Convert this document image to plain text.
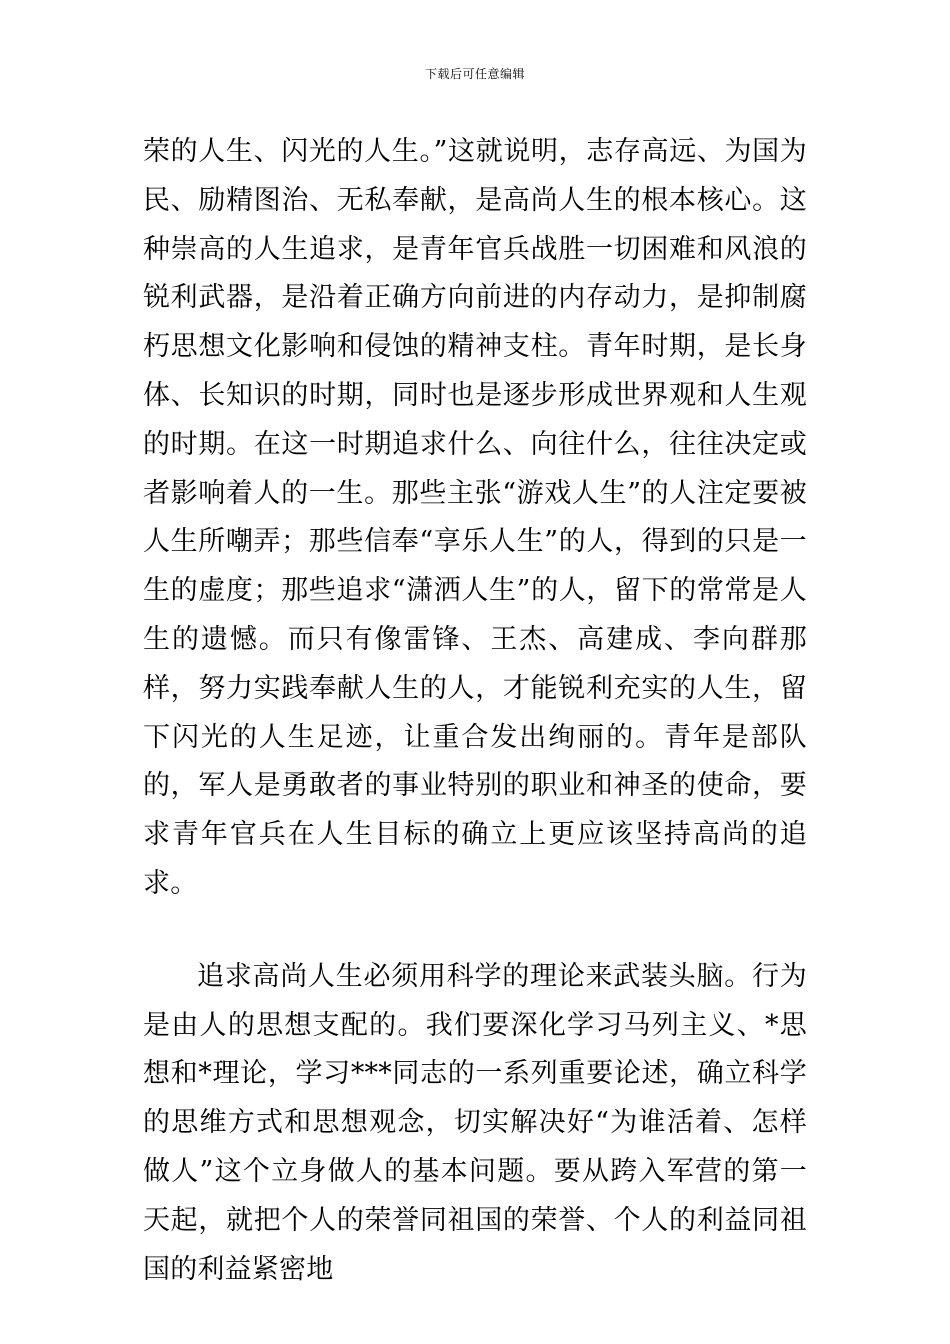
下载后可任意编辑

荣的人生、闪光的人生。”这就说明，志存高远、为国为民、励精图治、无私奉献，是高尚人生的根本核心。这种崇高的人生追求，是青年官兵战胜一切困难和风浪的锐利武器，是沿着正确方向前进的内存动力，是抑制腐朽思想文化影响和侵蚀的精神支柱。青年时期，是长身体、长知识的时期，同时也是逐步形成世界观和人生观的时期。在这一时期追求什么、向往什么，往往决定或者影响着人的一生。那些主张“游戏人生”的人注定要被人生所嘲弄；那些信奉“享乐人生”的人，得到的只是一生的虚度；那些追求“潇洒人生”的人，留下的常常是人生的遗憾。而只有像雷锋、王杰、高建成、李向群那样，努力实践奉献人生的人，才能锐利充实的人生，留下闪光的人生足迹，让重合发出绚丽的。青年是部队的，军人是勇敢者的事业特别的职业和神圣的使命，要求青年官兵在人生目标的确立上更应该坚持高尚的追求。

追求高尚人生必须用科学的理论来武装头脑。行为是由人的思想支配的。我们要深化学习马列主义、*思想和*理论，学习***同志的一系列重要论述，确立科学的思维方式和思想观念，切实解决好“为谁活着、怎样做人”这个立身做人的基本问题。要从跨入军营的第一天起，就把个人的荣誉同祖国的荣誉、个人的利益同祖国的利益紧密地
